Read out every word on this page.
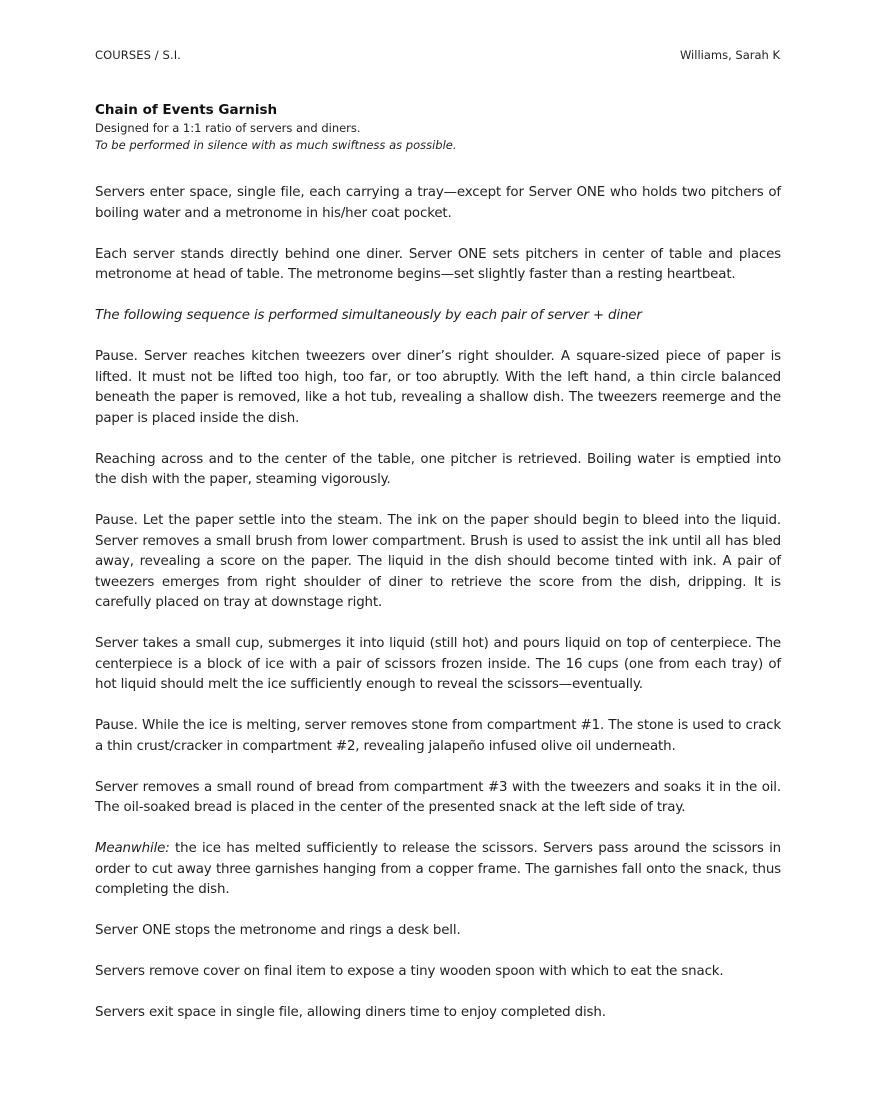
COURSES / S.I.	Williams, Sarah K
Chain of Events Garnish
Designed for a 1:1 ratio of servers and diners.
To be performed in silence with as much swiftness as possible.

Servers enter space, single file, each carrying a tray—except for Server ONE who holds two pitchers of boiling water and a metronome in his/her coat pocket.

Each server stands directly behind one diner. Server ONE sets pitchers in center of table and places metronome at head of table. The metronome begins—set slightly faster than a resting heartbeat.

The following sequence is performed simultaneously by each pair of server + diner

Pause. Server reaches kitchen tweezers over diner’s right shoulder. A square-sized piece of paper is lifted. It must not be lifted too high, too far, or too abruptly. With the left hand, a thin circle balanced beneath the paper is removed, like a hot tub, revealing a shallow dish. The tweezers reemerge and the paper is placed inside the dish.

Reaching across and to the center of the table, one pitcher is retrieved. Boiling water is emptied into the dish with the paper, steaming vigorously.

Pause. Let the paper settle into the steam. The ink on the paper should begin to bleed into the liquid. Server removes a small brush from lower compartment. Brush is used to assist the ink until all has bled away, revealing a score on the paper. The liquid in the dish should become tinted with ink. A pair of tweezers emerges from right shoulder of diner to retrieve the score from the dish, dripping. It is carefully placed on tray at downstage right.

Server takes a small cup, submerges it into liquid (still hot) and pours liquid on top of centerpiece. The centerpiece is a block of ice with a pair of scissors frozen inside. The 16 cups (one from each tray) of hot liquid should melt the ice sufficiently enough to reveal the scissors—eventually.

Pause. While the ice is melting, server removes stone from compartment #1. The stone is used to crack a thin crust/cracker in compartment #2, revealing jalapeño infused olive oil underneath.

Server removes a small round of bread from compartment #3 with the tweezers and soaks it in the oil. The oil-soaked bread is placed in the center of the presented snack at the left side of tray.

Meanwhile: the ice has melted sufficiently to release the scissors. Servers pass around the scissors in order to cut away three garnishes hanging from a copper frame. The garnishes fall onto the snack, thus completing the dish.

Server ONE stops the metronome and rings a desk bell.

Servers remove cover on final item to expose a tiny wooden spoon with which to eat the snack.

Servers exit space in single file, allowing diners time to enjoy completed dish.
